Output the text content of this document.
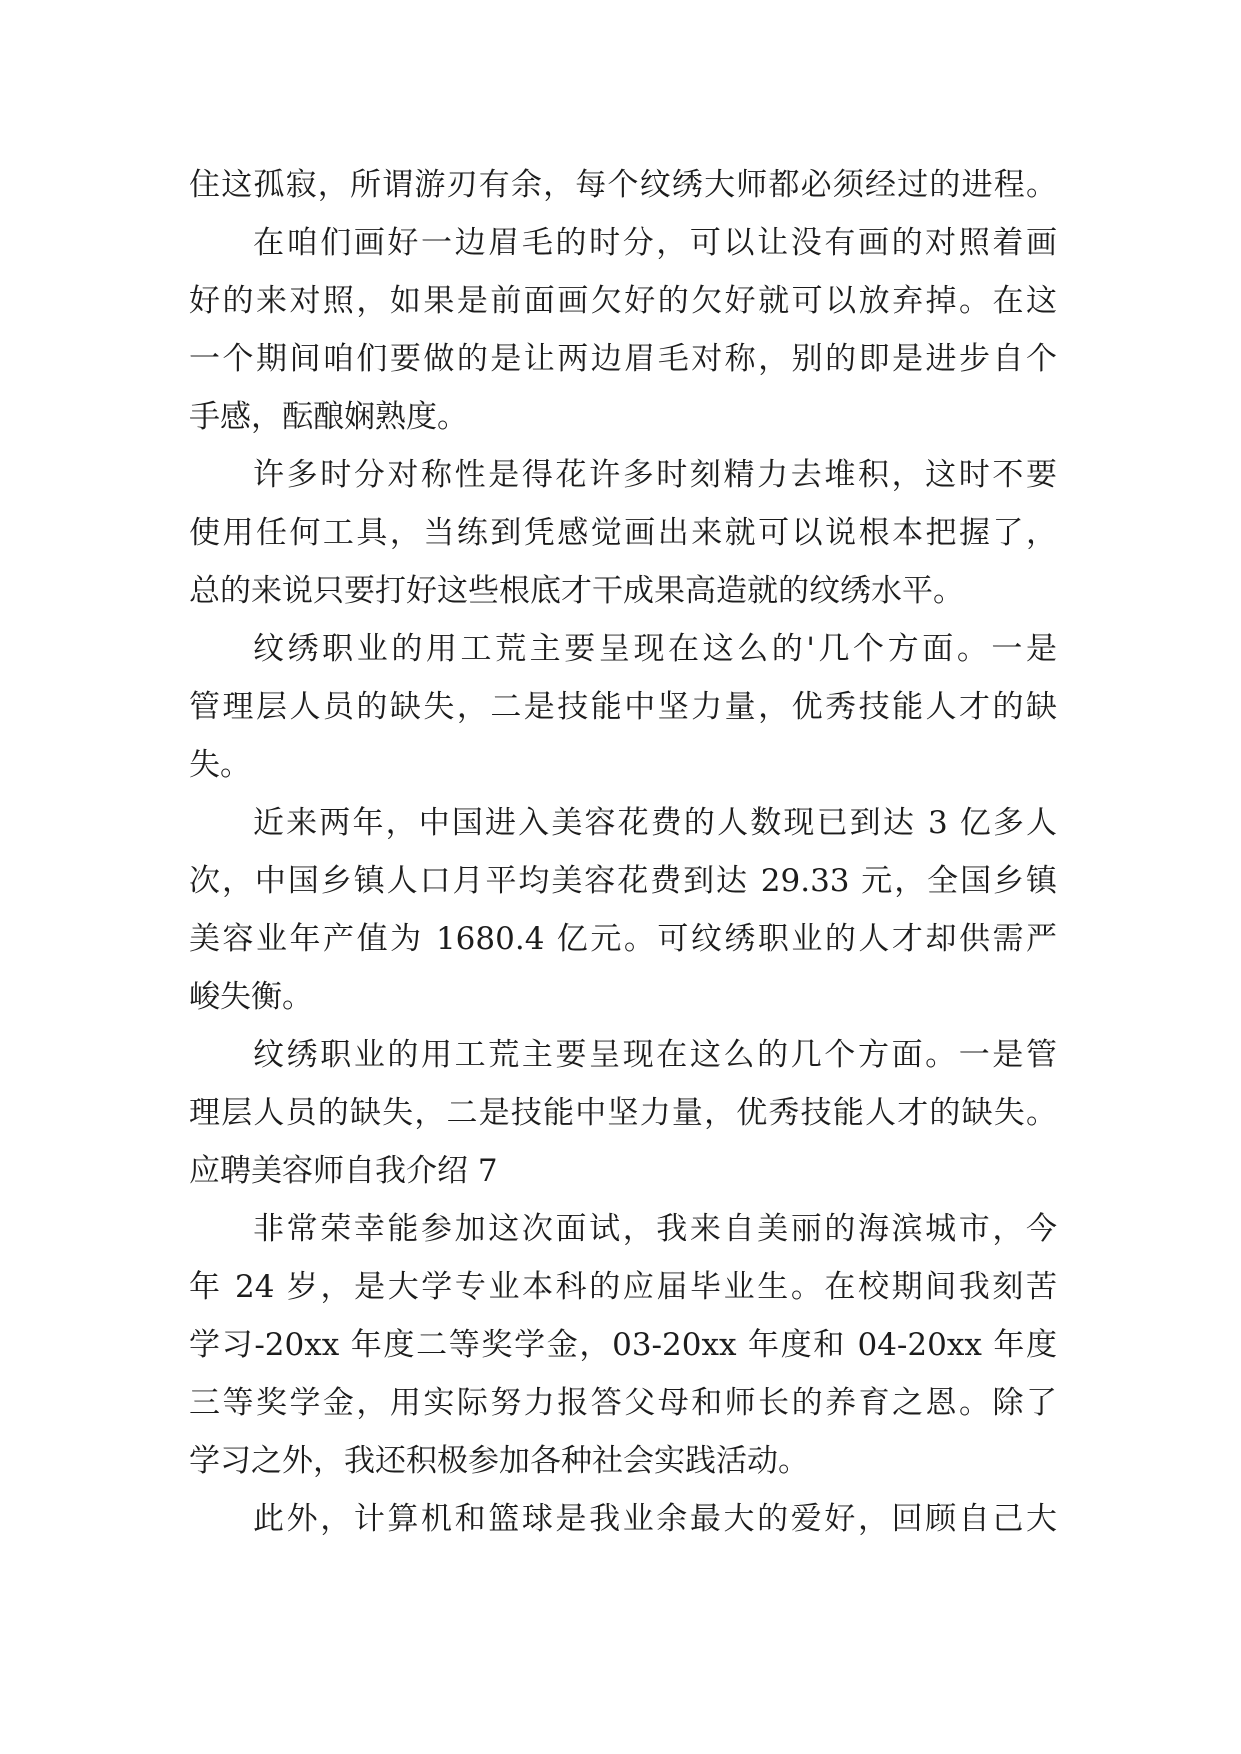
住这孤寂，所谓游刃有余，每个纹绣大师都必须经过的进程。
在咱们画好一边眉毛的时分，可以让没有画的对照着画
好的来对照，如果是前面画欠好的欠好就可以放弃掉。在这
一个期间咱们要做的是让两边眉毛对称，别的即是进步自个
手感，酝酿娴熟度。
许多时分对称性是得花许多时刻精力去堆积，这时不要
使用任何工具，当练到凭感觉画出来就可以说根本把握了，
总的来说只要打好这些根底才干成果高造就的纹绣水平。
纹绣职业的用工荒主要呈现在这么的'几个方面。一是
管理层人员的缺失，二是技能中坚力量，优秀技能人才的缺
失。
近来两年，中国进入美容花费的人数现已到达 3 亿多人
次，中国乡镇人口月平均美容花费到达 29.33 元，全国乡镇
美容业年产值为 1680.4 亿元。可纹绣职业的人才却供需严
峻失衡。
纹绣职业的用工荒主要呈现在这么的几个方面。一是管
理层人员的缺失，二是技能中坚力量，优秀技能人才的缺失。
应聘美容师自我介绍 7
非常荣幸能参加这次面试，我来自美丽的海滨城市，今
年 24 岁，是大学专业本科的应届毕业生。在校期间我刻苦
学习-20xx 年度二等奖学金，03-20xx 年度和 04-20xx 年度
三等奖学金，用实际努力报答父母和师长的养育之恩。除了
学习之外，我还积极参加各种社会实践活动。
此外，计算机和篮球是我业余最大的爱好，回顾自己大
